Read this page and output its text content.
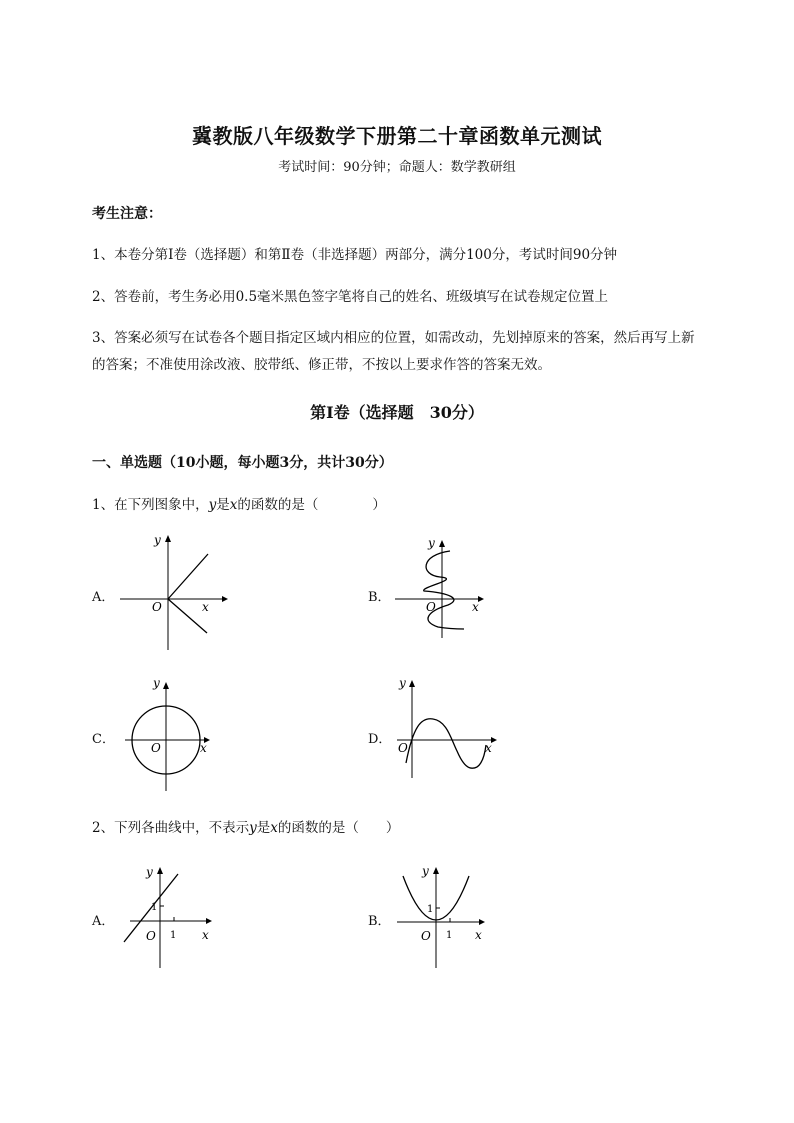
冀教版八年级数学下册第二十章函数单元测试
考试时间：90分钟；命题人：数学教研组
考生注意：
1、本卷分第I卷（选择题）和第Ⅱ卷（非选择题）两部分，满分100分，考试时间90分钟
2、答卷前，考生务必用0.5毫米黑色签字笔将自己的姓名、班级填写在试卷规定位置上
3、答案必须写在试卷各个题目指定区域内相应的位置，如需改动，先划掉原来的答案，然后再写上新
的答案；不准使用涂改液、胶带纸、修正带，不按以上要求作答的答案无效。
第I卷（选择题　30分）
一、单选题（10小题，每小题3分，共计30分）
1、在下列图象中，y是x的函数的是（　　　　）
A．	B．
C．	D．
y
x
O
y
x
O
y
x
O
y
x
O
2、下列各曲线中，不表示y是x的函数的是（　　）
A．	B．
y
x
O 1
1
y
x
O 1
1
